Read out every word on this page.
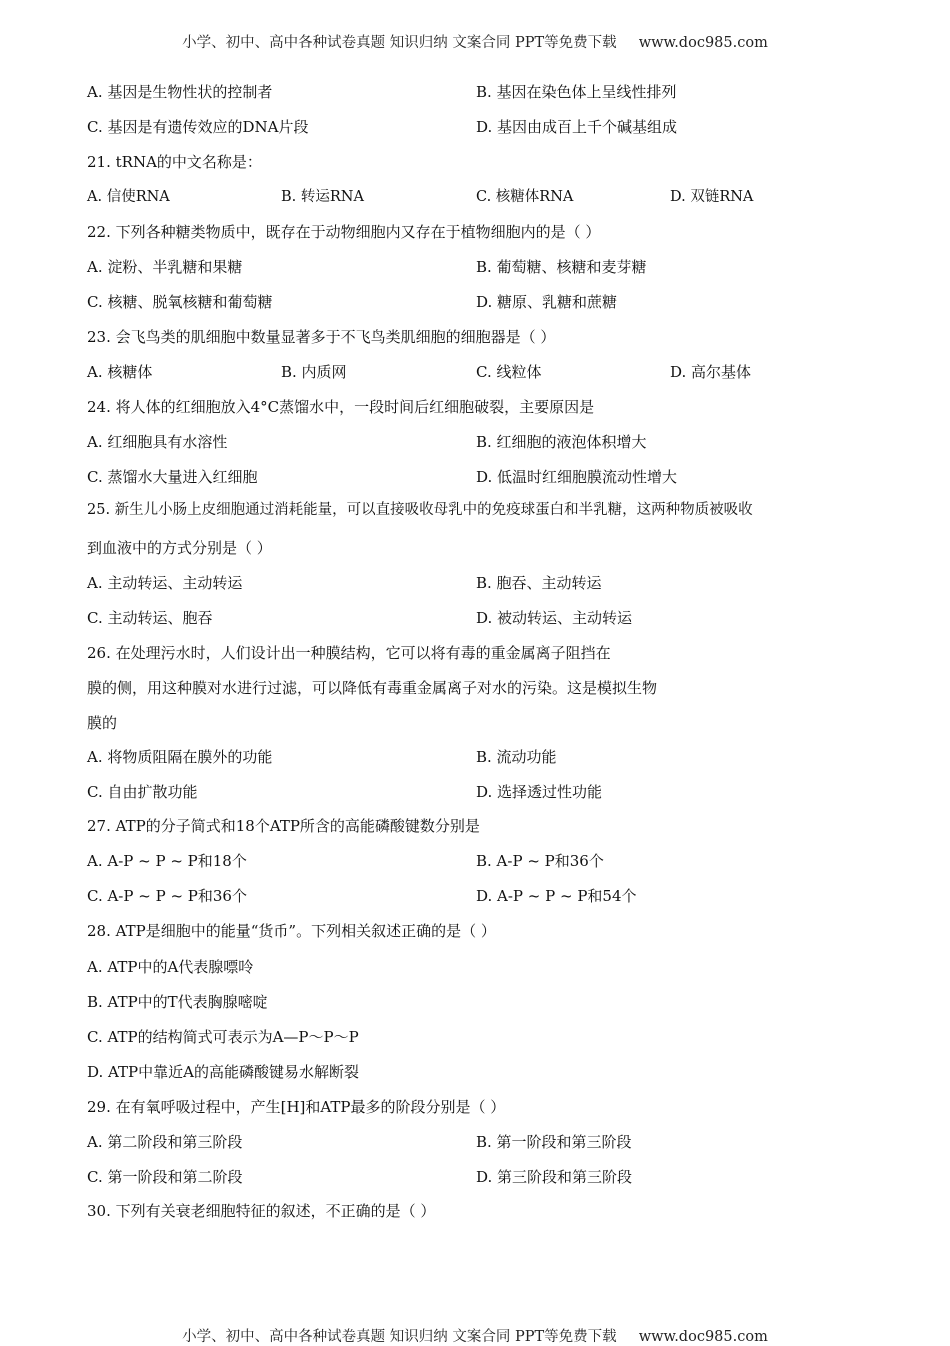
小学、初中、高中各种试卷真题 知识归纳 文案合同 PPT等免费下载 www.doc985.com
A. 基因是生物性状的控制者	B. 基因在染色体上呈线性排列
C. 基因是有遗传效应的DNA片段	D. 基因由成百上千个碱基组成
21. tRNA的中文名称是：
A. 信使RNA	B. 转运RNA	C. 核糖体RNA	D. 双链RNA
22. 下列各种糖类物质中，既存在于动物细胞内又存在于植物细胞内的是（ ）
A. 淀粉、半乳糖和果糖	B. 葡萄糖、核糖和麦芽糖
C. 核糖、脱氧核糖和葡萄糖	D. 糖原、乳糖和蔗糖
23. 会飞鸟类的肌细胞中数量显著多于不飞鸟类肌细胞的细胞器是（ ）
A. 核糖体	B. 内质网	C. 线粒体	D. 高尔基体
24. 将人体的红细胞放入4°C蒸馏水中，一段时间后红细胞破裂，主要原因是
A. 红细胞具有水溶性	B. 红细胞的液泡体积增大
C. 蒸馏水大量进入红细胞	D. 低温时红细胞膜流动性增大
25. 新生儿小肠上皮细胞通过消耗能量，可以直接吸收母乳中的免疫球蛋白和半乳糖，这两种物质被吸收
到血液中的方式分别是（ ）
A. 主动转运、主动转运	B. 胞吞、主动转运
C. 主动转运、胞吞	D. 被动转运、主动转运
26. 在处理污水时，人们设计出一种膜结构，它可以将有毒的重金属离子阻挡在
膜的侧，用这种膜对水进行过滤，可以降低有毒重金属离子对水的污染。这是模拟生物
膜的
A. 将物质阻隔在膜外的功能	B. 流动功能
C. 自由扩散功能	D. 选择透过性功能
27. ATP的分子简式和18个ATP所含的高能磷酸键数分别是
A. A-P ~ P ~ P和18个	B. A-P ~ P和36个
C. A-P ~ P ~ P和36个	D. A-P ~ P ~ P和54个
28. ATP是细胞中的能量“货币”。下列相关叙述正确的是（ ）
A. ATP中的A代表腺嘌呤
B. ATP中的T代表胸腺嘧啶
C. ATP的结构简式可表示为A—P～P～P
D. ATP中靠近A的高能磷酸键易水解断裂
29. 在有氧呼吸过程中，产生[H]和ATP最多的阶段分别是（ ）
A. 第二阶段和第三阶段	B. 第一阶段和第三阶段
C. 第一阶段和第二阶段	D. 第三阶段和第三阶段
30. 下列有关衰老细胞特征的叙述，不正确的是（ ）
小学、初中、高中各种试卷真题 知识归纳 文案合同 PPT等免费下载 www.doc985.com
